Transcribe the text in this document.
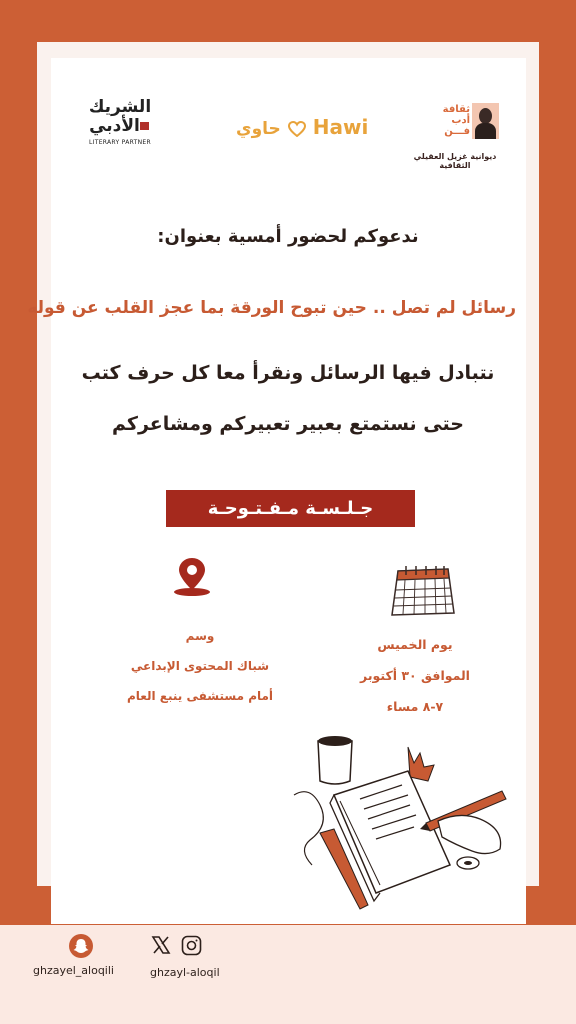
الشريك
الأدبي
LITERARY PARTNER
حاوي Hawi
ثقافة
أدب
فـــن
ديوانية غزيل العقيلي الثقافية
ندعوكم لحضور أمسية بعنوان:
رسائل لم تصل .. حين تبوح الورقة بما عجز القلب عن قوله
نتبادل فيها الرسائل ونقرأ معا كل حرف كتب
حتى نستمتع بعبير تعبيركم ومشاعركم
جـلـسـة مـفـتـوحـة
وسم
شباك المحتوى الإبداعي
أمام مستشفى ينبع العام
يوم الخميس
الموافق ٣٠ أكتوبر
٧-٨ مساء
ghzayel_aloqili	ghzayl-aloqil
